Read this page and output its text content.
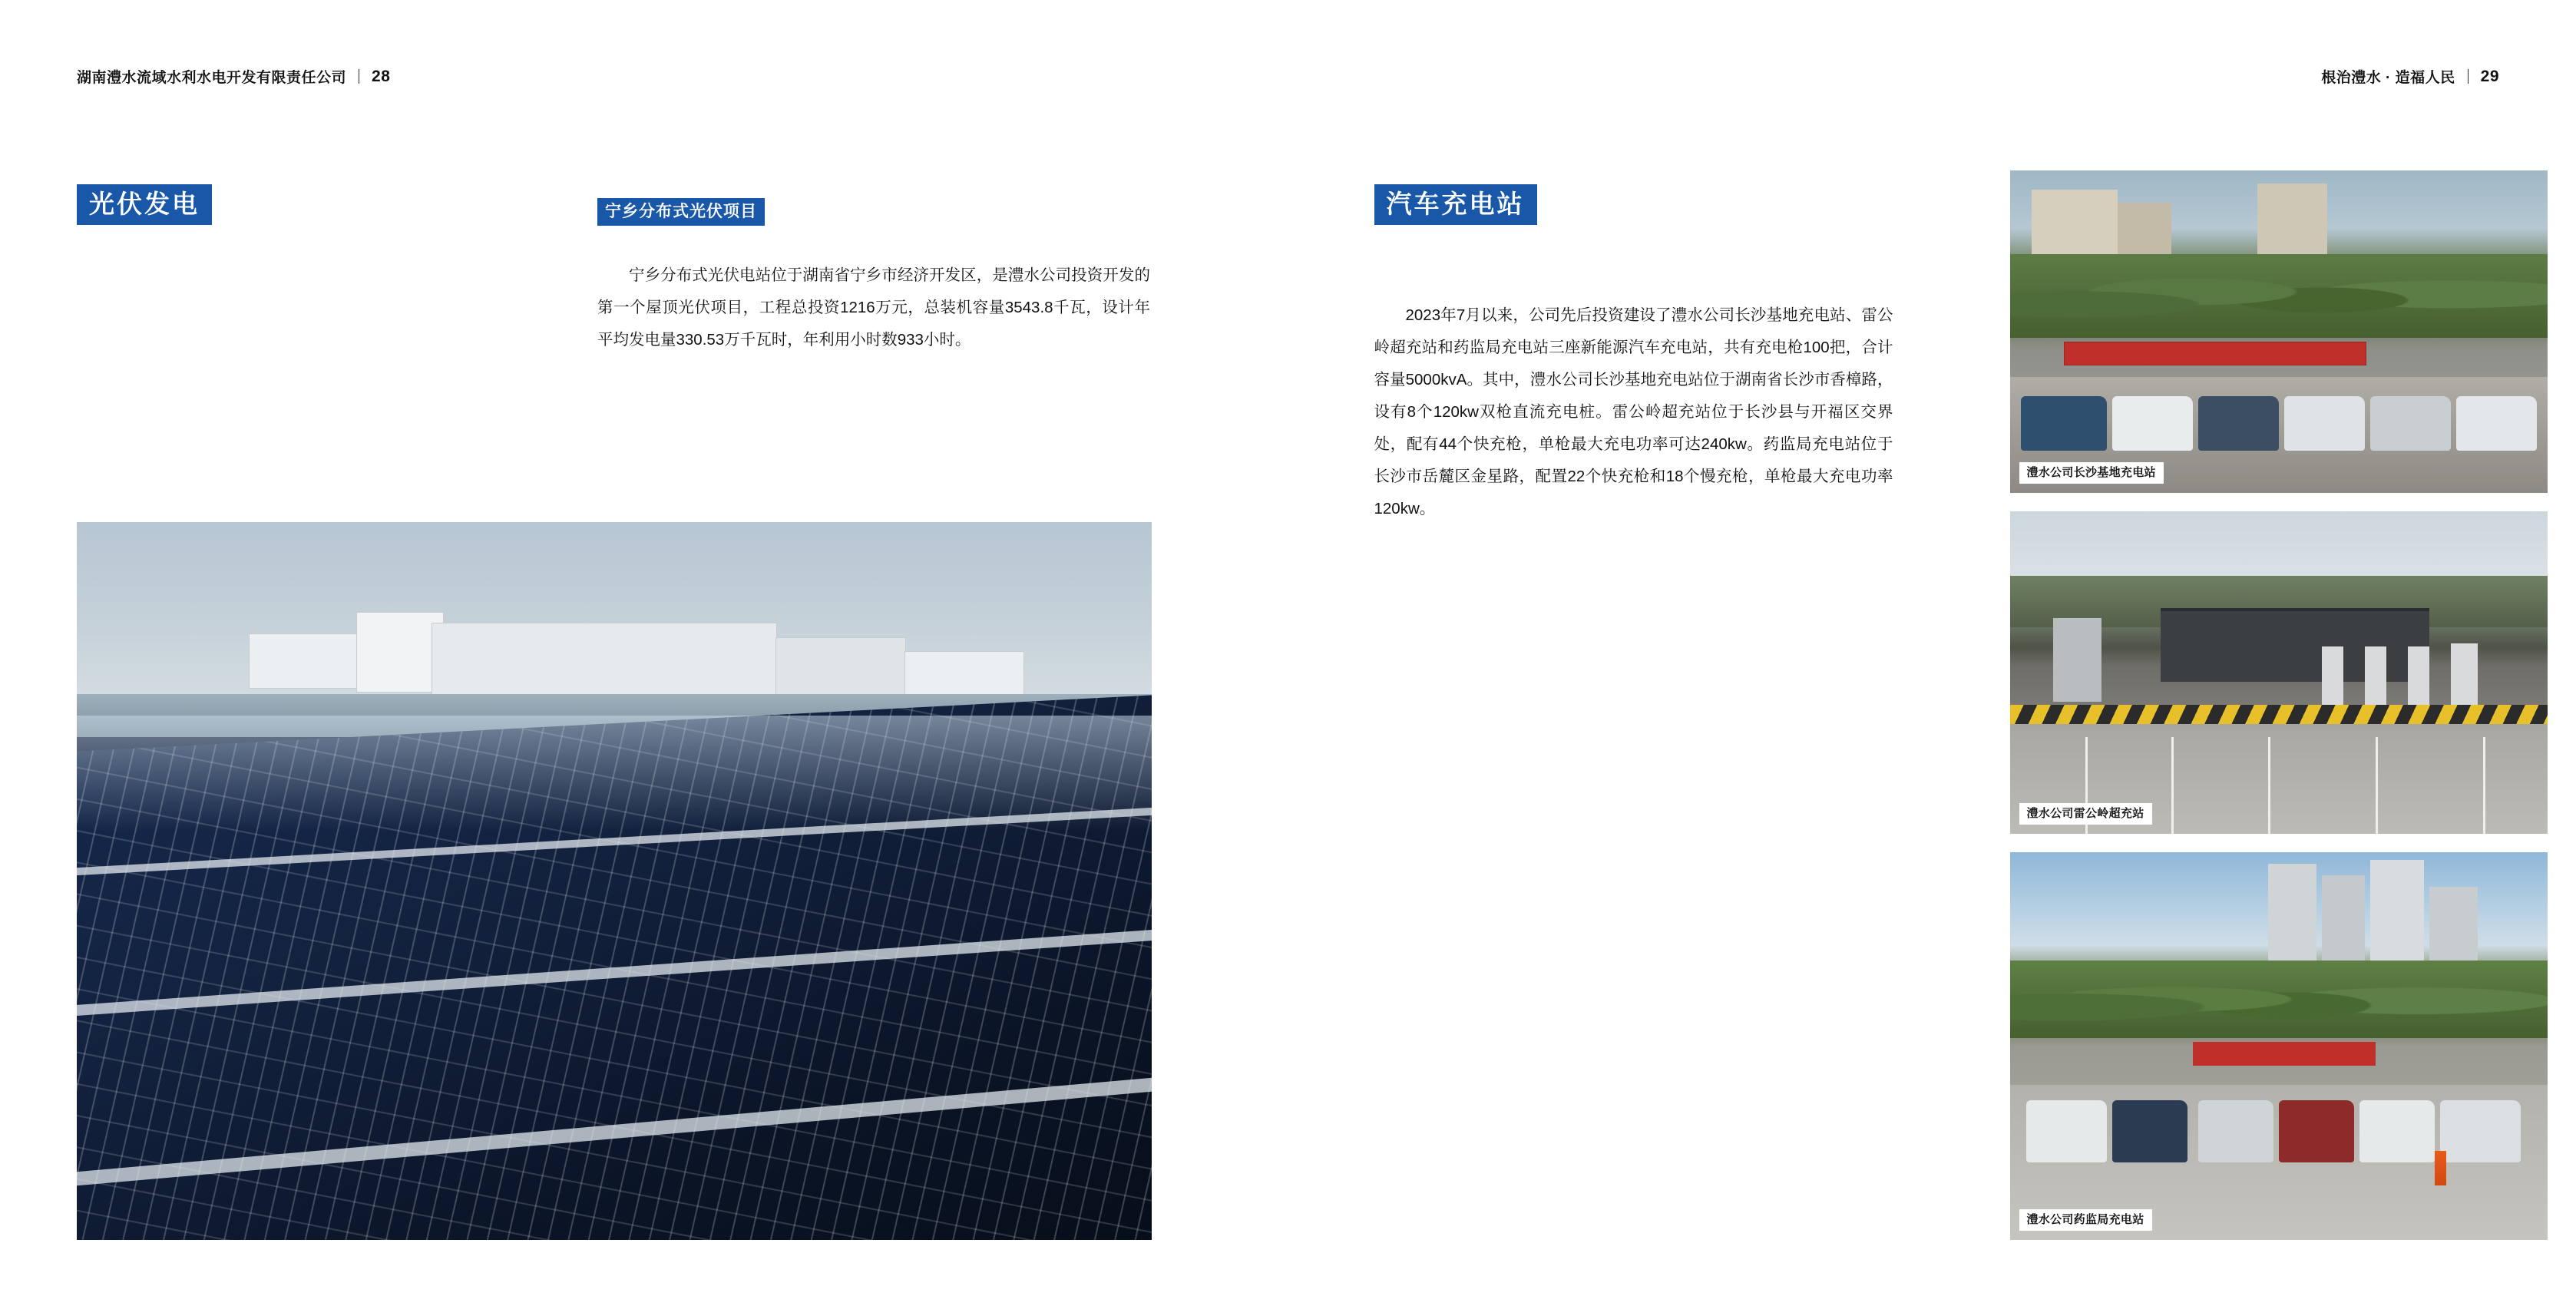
湖南澧水流域水利水电开发有限责任公司 28
光伏发电	宁乡分布式光伏项目

宁乡分布式光伏电站位于湖南省宁乡市经济开发区，是澧水公司投资开发的第一个屋顶光伏项目，工程总投资1216万元，总装机容量3543.8千瓦，设计年平均发电量330.53万千瓦时，年利用小时数933小时。

根治澧水 · 造福人民 29
汽车充电站

2023年7月以来，公司先后投资建设了澧水公司长沙基地充电站、雷公岭超充站和药监局充电站三座新能源汽车充电站，共有充电枪100把，合计容量5000kvA。其中，澧水公司长沙基地充电站位于湖南省长沙市香樟路，设有8个120kw双枪直流充电桩。雷公岭超充站位于长沙县与开福区交界处，配有44个快充枪，单枪最大充电功率可达240kw。药监局充电站位于长沙市岳麓区金星路，配置22个快充枪和18个慢充枪，单枪最大充电功率120kw。

澧水公司长沙基地充电站
澧水公司雷公岭超充站
澧水公司药监局充电站
